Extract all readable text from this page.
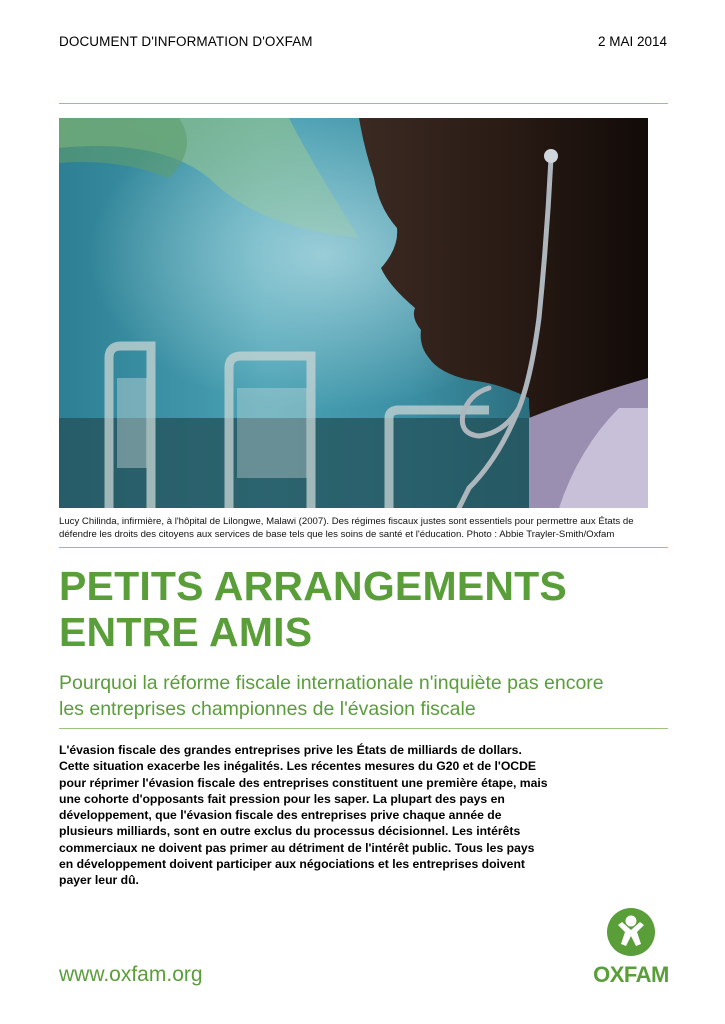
DOCUMENT D'INFORMATION D'OXFAM	2 MAI 2014
Lucy Chilinda, infirmière, à l'hôpital de Lilongwe, Malawi (2007). Des régimes fiscaux justes sont essentiels pour permettre aux États de défendre les droits des citoyens aux services de base tels que les soins de santé et l'éducation. Photo : Abbie Trayler-Smith/Oxfam
PETITS ARRANGEMENTS
ENTRE AMIS
Pourquoi la réforme fiscale internationale n'inquiète pas encore
les entreprises championnes de l'évasion fiscale

L'évasion fiscale des grandes entreprises prive les États de milliards de dollars. Cette situation exacerbe les inégalités. Les récentes mesures du G20 et de l'OCDE pour réprimer l'évasion fiscale des entreprises constituent une première étape, mais une cohorte d'opposants fait pression pour les saper. La plupart des pays en développement, que l'évasion fiscale des entreprises prive chaque année de plusieurs milliards, sont en outre exclus du processus décisionnel. Les intérêts commerciaux ne doivent pas primer au détriment de l'intérêt public. Tous les pays en développement doivent participer aux négociations et les entreprises doivent payer leur dû.

www.oxfam.org	OXFAM
